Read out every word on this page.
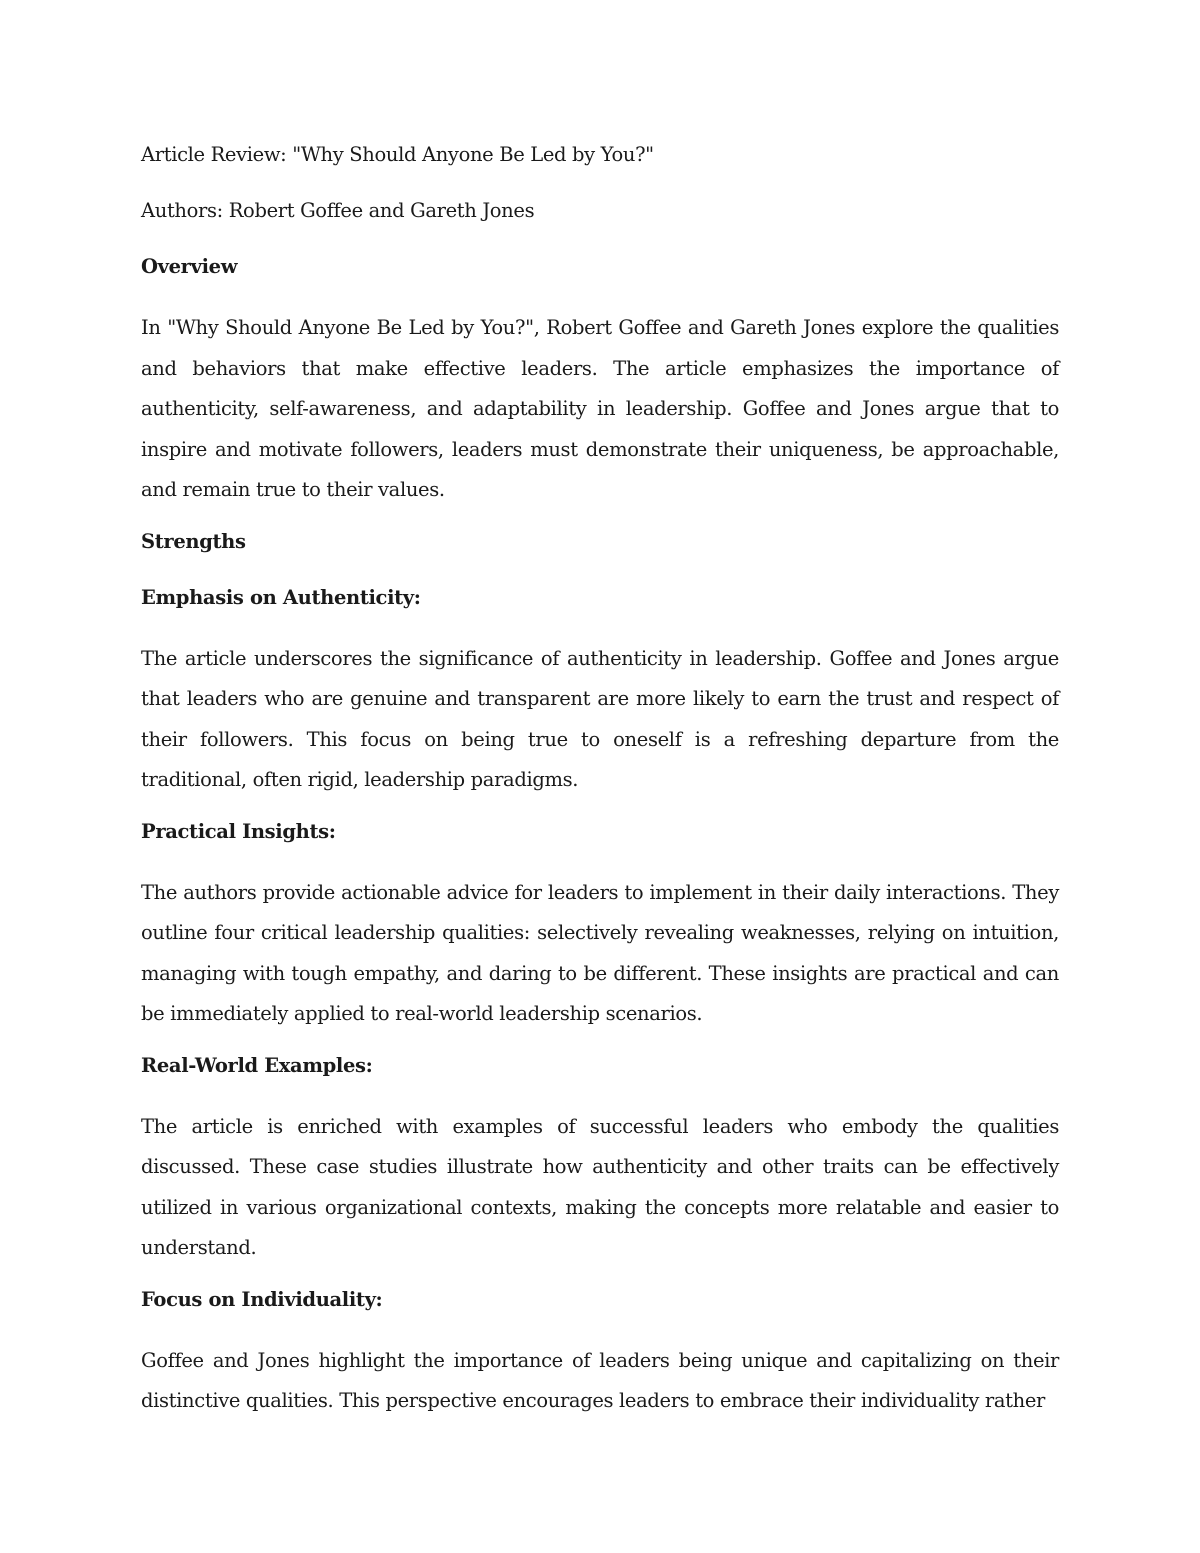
Article Review: "Why Should Anyone Be Led by You?"
Authors: Robert Goffee and Gareth Jones
Overview
In "Why Should Anyone Be Led by You?", Robert Goffee and Gareth Jones explore the qualities and behaviors that make effective leaders. The article emphasizes the importance of authenticity, self-awareness, and adaptability in leadership. Goffee and Jones argue that to inspire and motivate followers, leaders must demonstrate their uniqueness, be approachable, and remain true to their values.
Strengths
Emphasis on Authenticity:
The article underscores the significance of authenticity in leadership. Goffee and Jones argue that leaders who are genuine and transparent are more likely to earn the trust and respect of their followers. This focus on being true to oneself is a refreshing departure from the traditional, often rigid, leadership paradigms.
Practical Insights:
The authors provide actionable advice for leaders to implement in their daily interactions. They outline four critical leadership qualities: selectively revealing weaknesses, relying on intuition, managing with tough empathy, and daring to be different. These insights are practical and can be immediately applied to real-world leadership scenarios.
Real-World Examples:
The article is enriched with examples of successful leaders who embody the qualities discussed. These case studies illustrate how authenticity and other traits can be effectively utilized in various organizational contexts, making the concepts more relatable and easier to understand.
Focus on Individuality:
Goffee and Jones highlight the importance of leaders being unique and capitalizing on their distinctive qualities. This perspective encourages leaders to embrace their individuality rather
